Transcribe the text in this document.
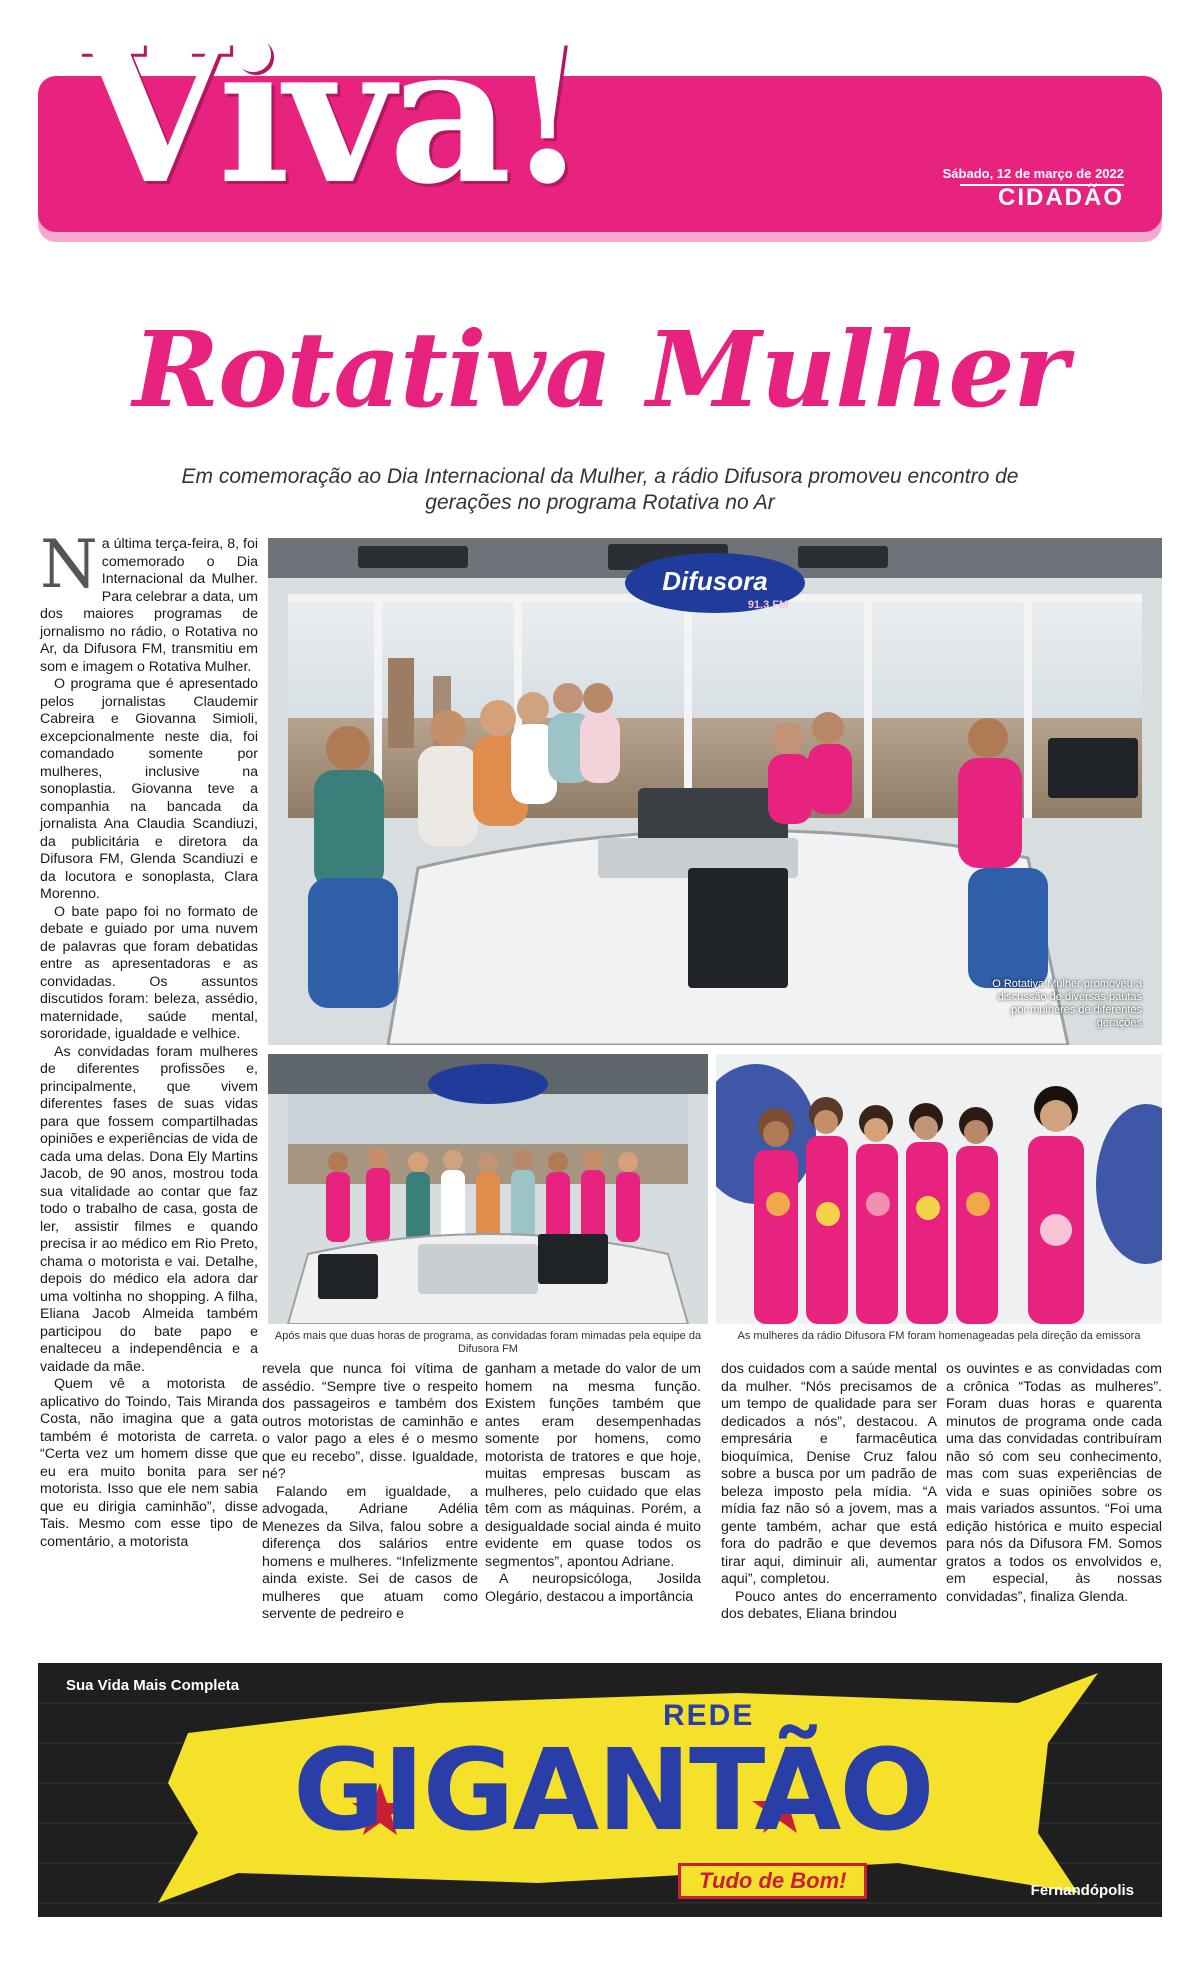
Viva!	Sábado, 12 de março de 2022
CIDADÃO
Rotativa Mulher
Em comemoração ao Dia Internacional da Mulher, a rádio Difusora promoveu encontro de gerações no programa Rotativa no Ar

Na última terça-feira, 8, foi comemorado o Dia Internacional da Mulher. Para celebrar a data, um dos maiores programas de jornalismo no rádio, o Rotativa no Ar, da Difusora FM, transmitiu em som e imagem o Rotativa Mulher.

O programa que é apresentado pelos jornalistas Claudemir Cabreira e Giovanna Simioli, excepcionalmente neste dia, foi comandado somente por mulheres, inclusive na sonoplastia. Giovanna teve a companhia na bancada da jornalista Ana Claudia Scandiuzi, da publicitária e diretora da Difusora FM, Glenda Scandiuzi e da locutora e sonoplasta, Clara Morenno.

O bate papo foi no formato de debate e guiado por uma nuvem de palavras que foram debatidas entre as apresentadoras e as convidadas. Os assuntos discutidos foram: beleza, assédio, maternidade, saúde mental, sororidade, igualdade e velhice.

As convidadas foram mulheres de diferentes profissões e, principalmente, que vivem diferentes fases de suas vidas para que fossem compartilhadas opiniões e experiências de vida de cada uma delas. Dona Ely Martins Jacob, de 90 anos, mostrou toda sua vitalidade ao contar que faz todo o trabalho de casa, gosta de ler, assistir filmes e quando precisa ir ao médico em Rio Preto, chama o motorista e vai. Detalhe, depois do médico ela adora dar uma voltinha no shopping. A filha, Eliana Jacob Almeida também participou do bate papo e enalteceu a independência e a vaidade da mãe.

Quem vê a motorista de aplicativo do Toindo, Tais Miranda Costa, não imagina que a gata também é motorista de carreta. “Certa vez um homem disse que eu era muito bonita para ser motorista. Isso que ele nem sabia que eu dirigia caminhão”, disse Tais. Mesmo com esse tipo de comentário, a motorista

Difusora
91,3 FM
O Rotativa Mulher promoveu a discussão de diversas pautas por mulheres de diferentes gerações
Após mais que duas horas de programa, as convidadas foram mimadas pela equipe da Difusora FM
As mulheres da rádio Difusora FM foram homenageadas pela direção da emissora

revela que nunca foi vítima de assédio. “Sempre tive o respeito dos passageiros e também dos outros motoristas de caminhão e o valor pago a eles é o mesmo que eu recebo”, disse. Igualdade, né?

Falando em igualdade, a advogada, Adriane Adélia Menezes da Silva, falou sobre a diferença dos salários entre homens e mulheres. “Infelizmente ainda existe. Sei de casos de mulheres que atuam como servente de pedreiro e

ganham a metade do valor de um homem na mesma função. Existem funções também que antes eram desempenhadas somente por homens, como motorista de tratores e que hoje, muitas empresas buscam as mulheres, pelo cuidado que elas têm com as máquinas. Porém, a desigualdade social ainda é muito evidente em quase todos os segmentos”, apontou Adriane.

A neuropsicóloga, Josilda Olegário, destacou a importância

dos cuidados com a saúde mental da mulher. “Nós precisamos de um tempo de qualidade para ser dedicados a nós”, destacou. A empresária e farmacêutica bioquímica, Denise Cruz falou sobre a busca por um padrão de beleza imposto pela mídia. “A mídia faz não só a jovem, mas a gente também, achar que está fora do padrão e que devemos tirar aqui, diminuir ali, aumentar aqui”, completou.

Pouco antes do encerramento dos debates, Eliana brindou

os ouvintes e as convidadas com a crônica “Todas as mulheres”. Foram duas horas e quarenta minutos de programa onde cada uma das convidadas contribuíram não só com seu conhecimento, mas com suas experiências de vida e suas opiniões sobre os mais variados assuntos. “Foi uma edição histórica e muito especial para nós da Difusora FM. Somos gratos a todos os envolvidos e, em especial, às nossas convidadas”, finaliza Glenda.

Sua Vida Mais Completa
REDE
GIGANTÃO
Tudo de Bom!	Fernandópolis
